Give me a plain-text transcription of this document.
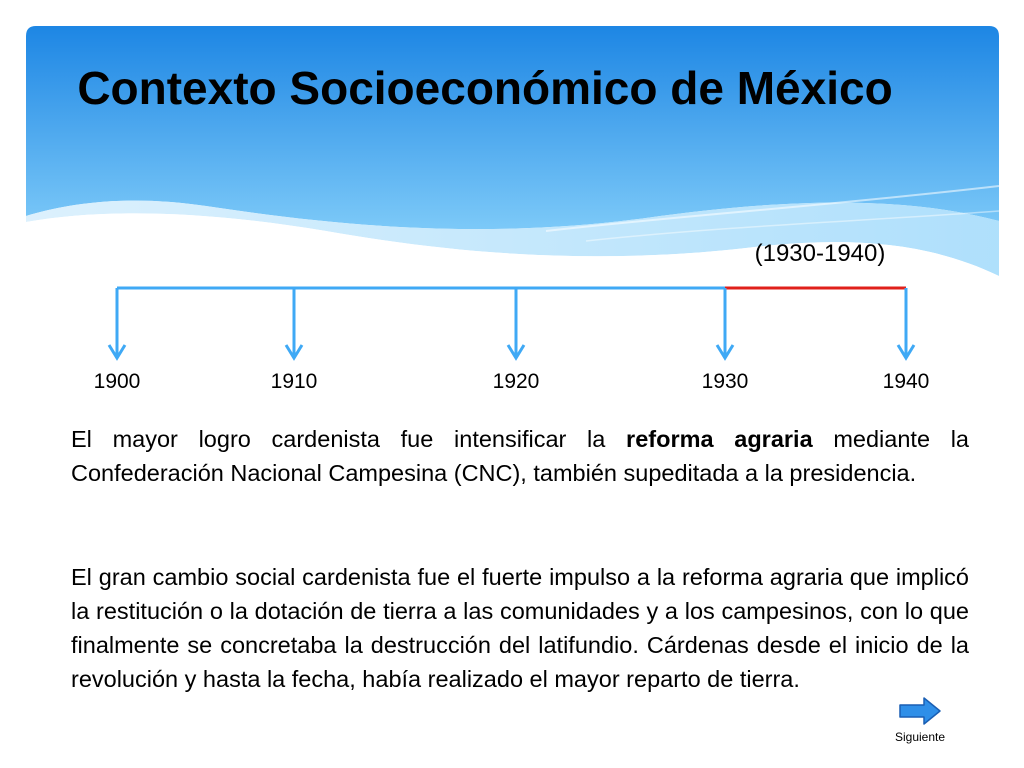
Contexto Socioeconómico de México
(1930-1940)
1900	1910	1920	1930	1940
El mayor logro cardenista fue intensificar la reforma agraria mediante la Confederación Nacional Campesina (CNC), también supeditada a la presidencia.
El gran cambio social cardenista fue el fuerte impulso a la reforma agraria que implicó la restitución o la dotación de tierra a las comunidades y a los campesinos, con lo que finalmente se concretaba la destrucción del latifundio. Cárdenas desde el inicio de la revolución y hasta la fecha, había realizado el mayor reparto de tierra.
Siguiente
